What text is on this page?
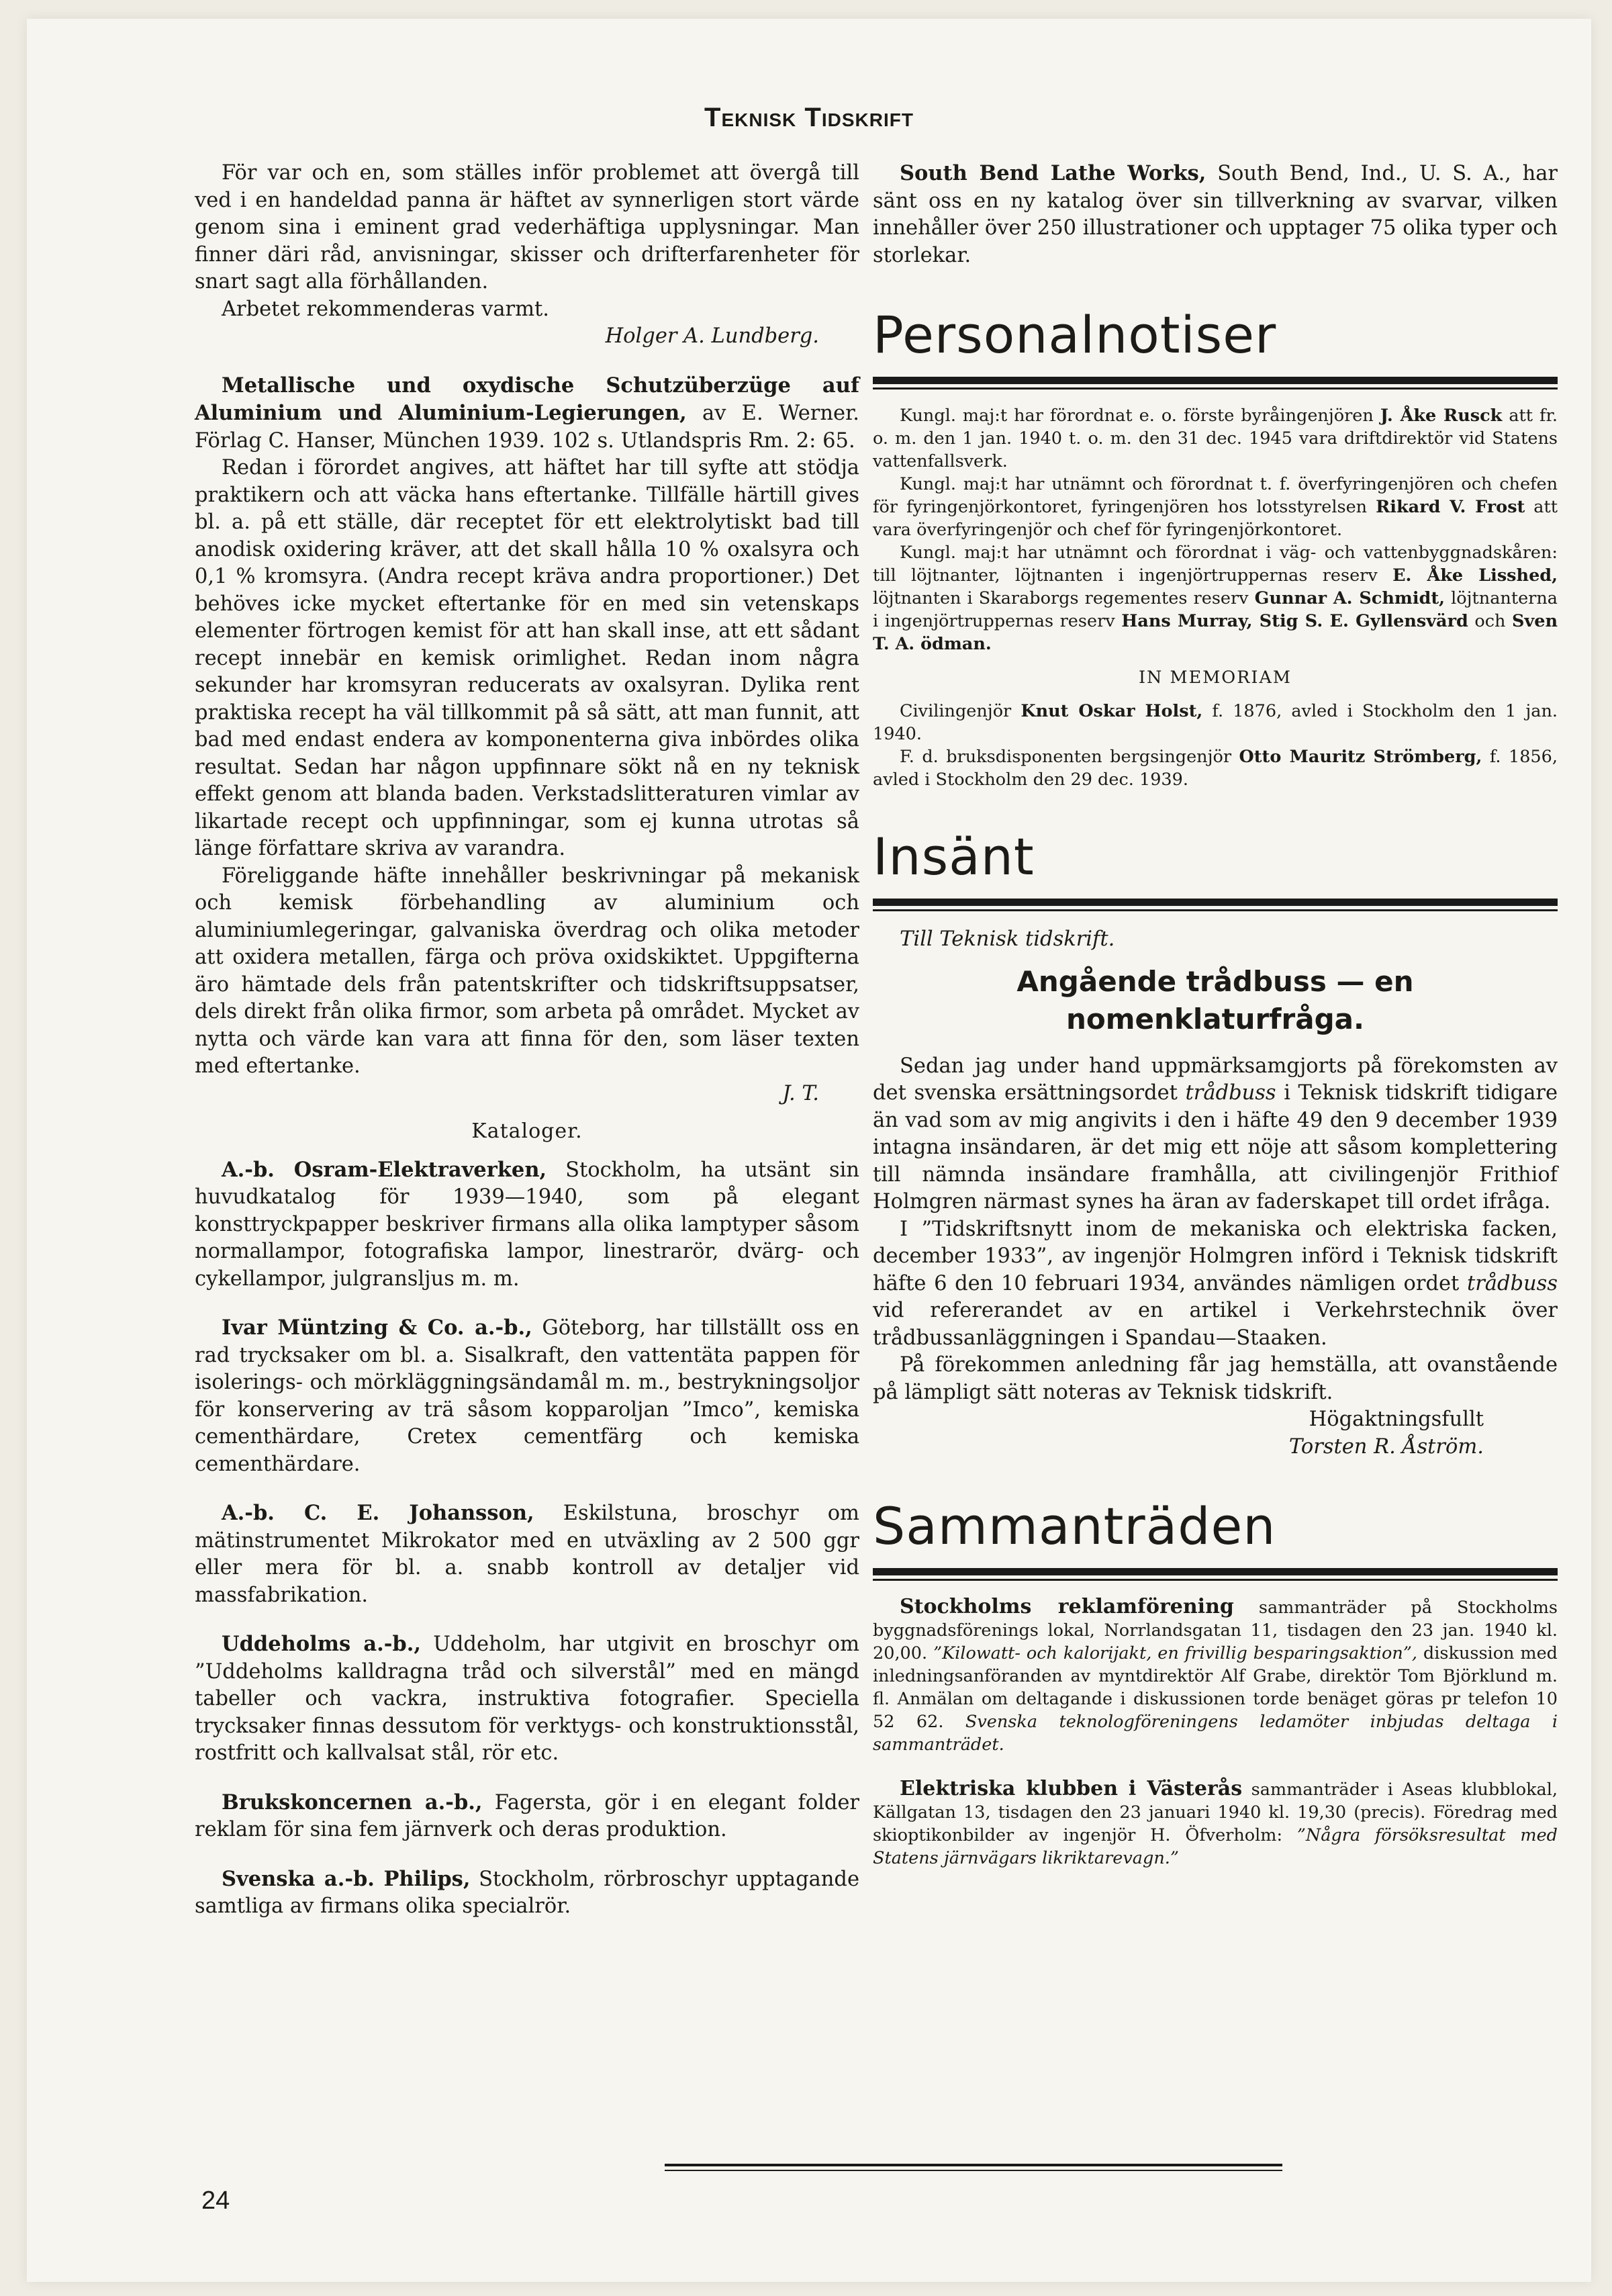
Teknisk Tidskrift

För var och en, som ställes inför problemet att övergå till ved i en handeldad panna är häftet av synnerligen stort värde genom sina i eminent grad vederhäftiga upplysningar. Man finner däri råd, anvisningar, skisser och drifterfarenheter för snart sagt alla förhållanden.

Arbetet rekommenderas varmt.

Holger A. Lundberg.

Metallische und oxydische Schutzüberzüge auf Aluminium und Aluminium-Legierungen, av E. Werner. Förlag C. Hanser, München 1939. 102 s. Utlandspris Rm. 2: 65.

Redan i förordet angives, att häftet har till syfte att stödja praktikern och att väcka hans eftertanke. Tillfälle härtill gives bl. a. på ett ställe, där receptet för ett elektrolytiskt bad till anodisk oxidering kräver, att det skall hålla 10 % oxalsyra och 0,1 % kromsyra. (Andra recept kräva andra proportioner.) Det behöves icke mycket eftertanke för en med sin vetenskaps elementer förtrogen kemist för att han skall inse, att ett sådant recept innebär en kemisk orimlighet. Redan inom några sekunder har kromsyran reducerats av oxalsyran. Dylika rent praktiska recept ha väl tillkommit på så sätt, att man funnit, att bad med endast endera av komponenterna giva inbördes olika resultat. Sedan har någon uppfinnare sökt nå en ny teknisk effekt genom att blanda baden. Verkstadslitteraturen vimlar av likartade recept och uppfinningar, som ej kunna utrotas så länge författare skriva av varandra.

Föreliggande häfte innehåller beskrivningar på mekanisk och kemisk förbehandling av aluminium och aluminiumlegeringar, galvaniska överdrag och olika metoder att oxidera metallen, färga och pröva oxidskiktet. Uppgifterna äro hämtade dels från patentskrifter och tidskriftsuppsatser, dels direkt från olika firmor, som arbeta på området. Mycket av nytta och värde kan vara att finna för den, som läser texten med eftertanke.

J. T.

Kataloger.

A.-b. Osram-Elektraverken, Stockholm, ha utsänt sin huvudkatalog för 1939—1940, som på elegant konsttryckpapper beskriver firmans alla olika lamptyper såsom normallampor, fotografiska lampor, linestrarör, dvärg- och cykellampor, julgransljus m. m.

Ivar Müntzing & Co. a.-b., Göteborg, har tillställt oss en rad trycksaker om bl. a. Sisalkraft, den vattentäta pappen för isolerings- och mörkläggningsändamål m. m., bestrykningsoljor för konservering av trä såsom kopparoljan ”Imco”, kemiska cementhärdare, Cretex cementfärg och kemiska cementhärdare.

A.-b. C. E. Johansson, Eskilstuna, broschyr om mätinstrumentet Mikrokator med en utväxling av 2 500 ggr eller mera för bl. a. snabb kontroll av detaljer vid massfabrikation.

Uddeholms a.-b., Uddeholm, har utgivit en broschyr om ”Uddeholms kalldragna tråd och silverstål” med en mängd tabeller och vackra, instruktiva fotografier. Speciella trycksaker finnas dessutom för verktygs- och konstruktionsstål, rostfritt och kallvalsat stål, rör etc.

Brukskoncernen a.-b., Fagersta, gör i en elegant folder reklam för sina fem järnverk och deras produktion.

Svenska a.-b. Philips, Stockholm, rörbroschyr upptagande samtliga av firmans olika specialrör.

South Bend Lathe Works, South Bend, Ind., U. S. A., har sänt oss en ny katalog över sin tillverkning av svarvar, vilken innehåller över 250 illustrationer och upptager 75 olika typer och storlekar.

Personalnotiser

Kungl. maj:t har förordnat e. o. förste byråingenjören J. Åke Rusck att fr. o. m. den 1 jan. 1940 t. o. m. den 31 dec. 1945 vara driftdirektör vid Statens vattenfallsverk.

Kungl. maj:t har utnämnt och förordnat t. f. överfyringenjören och chefen för fyringenjörkontoret, fyringenjören hos lotsstyrelsen Rikard V. Frost att vara överfyringenjör och chef för fyringenjörkontoret.

Kungl. maj:t har utnämnt och förordnat i väg- och vattenbyggnadskåren: till löjtnanter, löjtnanten i ingenjörtruppernas reserv E. Åke Lisshed, löjtnanten i Skaraborgs regementes reserv Gunnar A. Schmidt, löjtnanterna i ingenjörtruppernas reserv Hans Murray, Stig S. E. Gyllensvärd och Sven T. A. ödman.

IN MEMORIAM

Civilingenjör Knut Oskar Holst, f. 1876, avled i Stockholm den 1 jan. 1940.

F. d. bruksdisponenten bergsingenjör Otto Mauritz Strömberg, f. 1856, avled i Stockholm den 29 dec. 1939.

Insänt

Till Teknisk tidskrift.

Angående trådbuss — en nomenklaturfråga.

Sedan jag under hand uppmärksamgjorts på förekomsten av det svenska ersättningsordet trådbuss i Teknisk tidskrift tidigare än vad som av mig angivits i den i häfte 49 den 9 december 1939 intagna insändaren, är det mig ett nöje att såsom komplettering till nämnda insändare framhålla, att civilingenjör Frithiof Holmgren närmast synes ha äran av faderskapet till ordet ifråga.

I ”Tidskriftsnytt inom de mekaniska och elektriska facken, december 1933”, av ingenjör Holmgren införd i Teknisk tidskrift häfte 6 den 10 februari 1934, användes nämligen ordet trådbuss vid refererandet av en artikel i Verkehrstechnik över trådbussanläggningen i Spandau—Staaken.

På förekommen anledning får jag hemställa, att ovanstående på lämpligt sätt noteras av Teknisk tidskrift.

Högaktningsfullt

Torsten R. Åström.

Sammanträden

Stockholms reklamförening sammanträder på Stockholms byggnadsförenings lokal, Norrlandsgatan 11, tisdagen den 23 jan. 1940 kl. 20,00. ”Kilowatt- och kalorijakt, en frivillig besparingsaktion”, diskussion med inledningsanföranden av myntdirektör Alf Grabe, direktör Tom Björklund m. fl. Anmälan om deltagande i diskussionen torde benäget göras pr telefon 10 52 62. Svenska teknologföreningens ledamöter inbjudas deltaga i sammanträdet.

Elektriska klubben i Västerås sammanträder i Aseas klubblokal, Källgatan 13, tisdagen den 23 januari 1940 kl. 19,30 (precis). Föredrag med skioptikonbilder av ingenjör H. Öfverholm: ”Några försöksresultat med Statens järnvägars likriktarevagn.”

24
